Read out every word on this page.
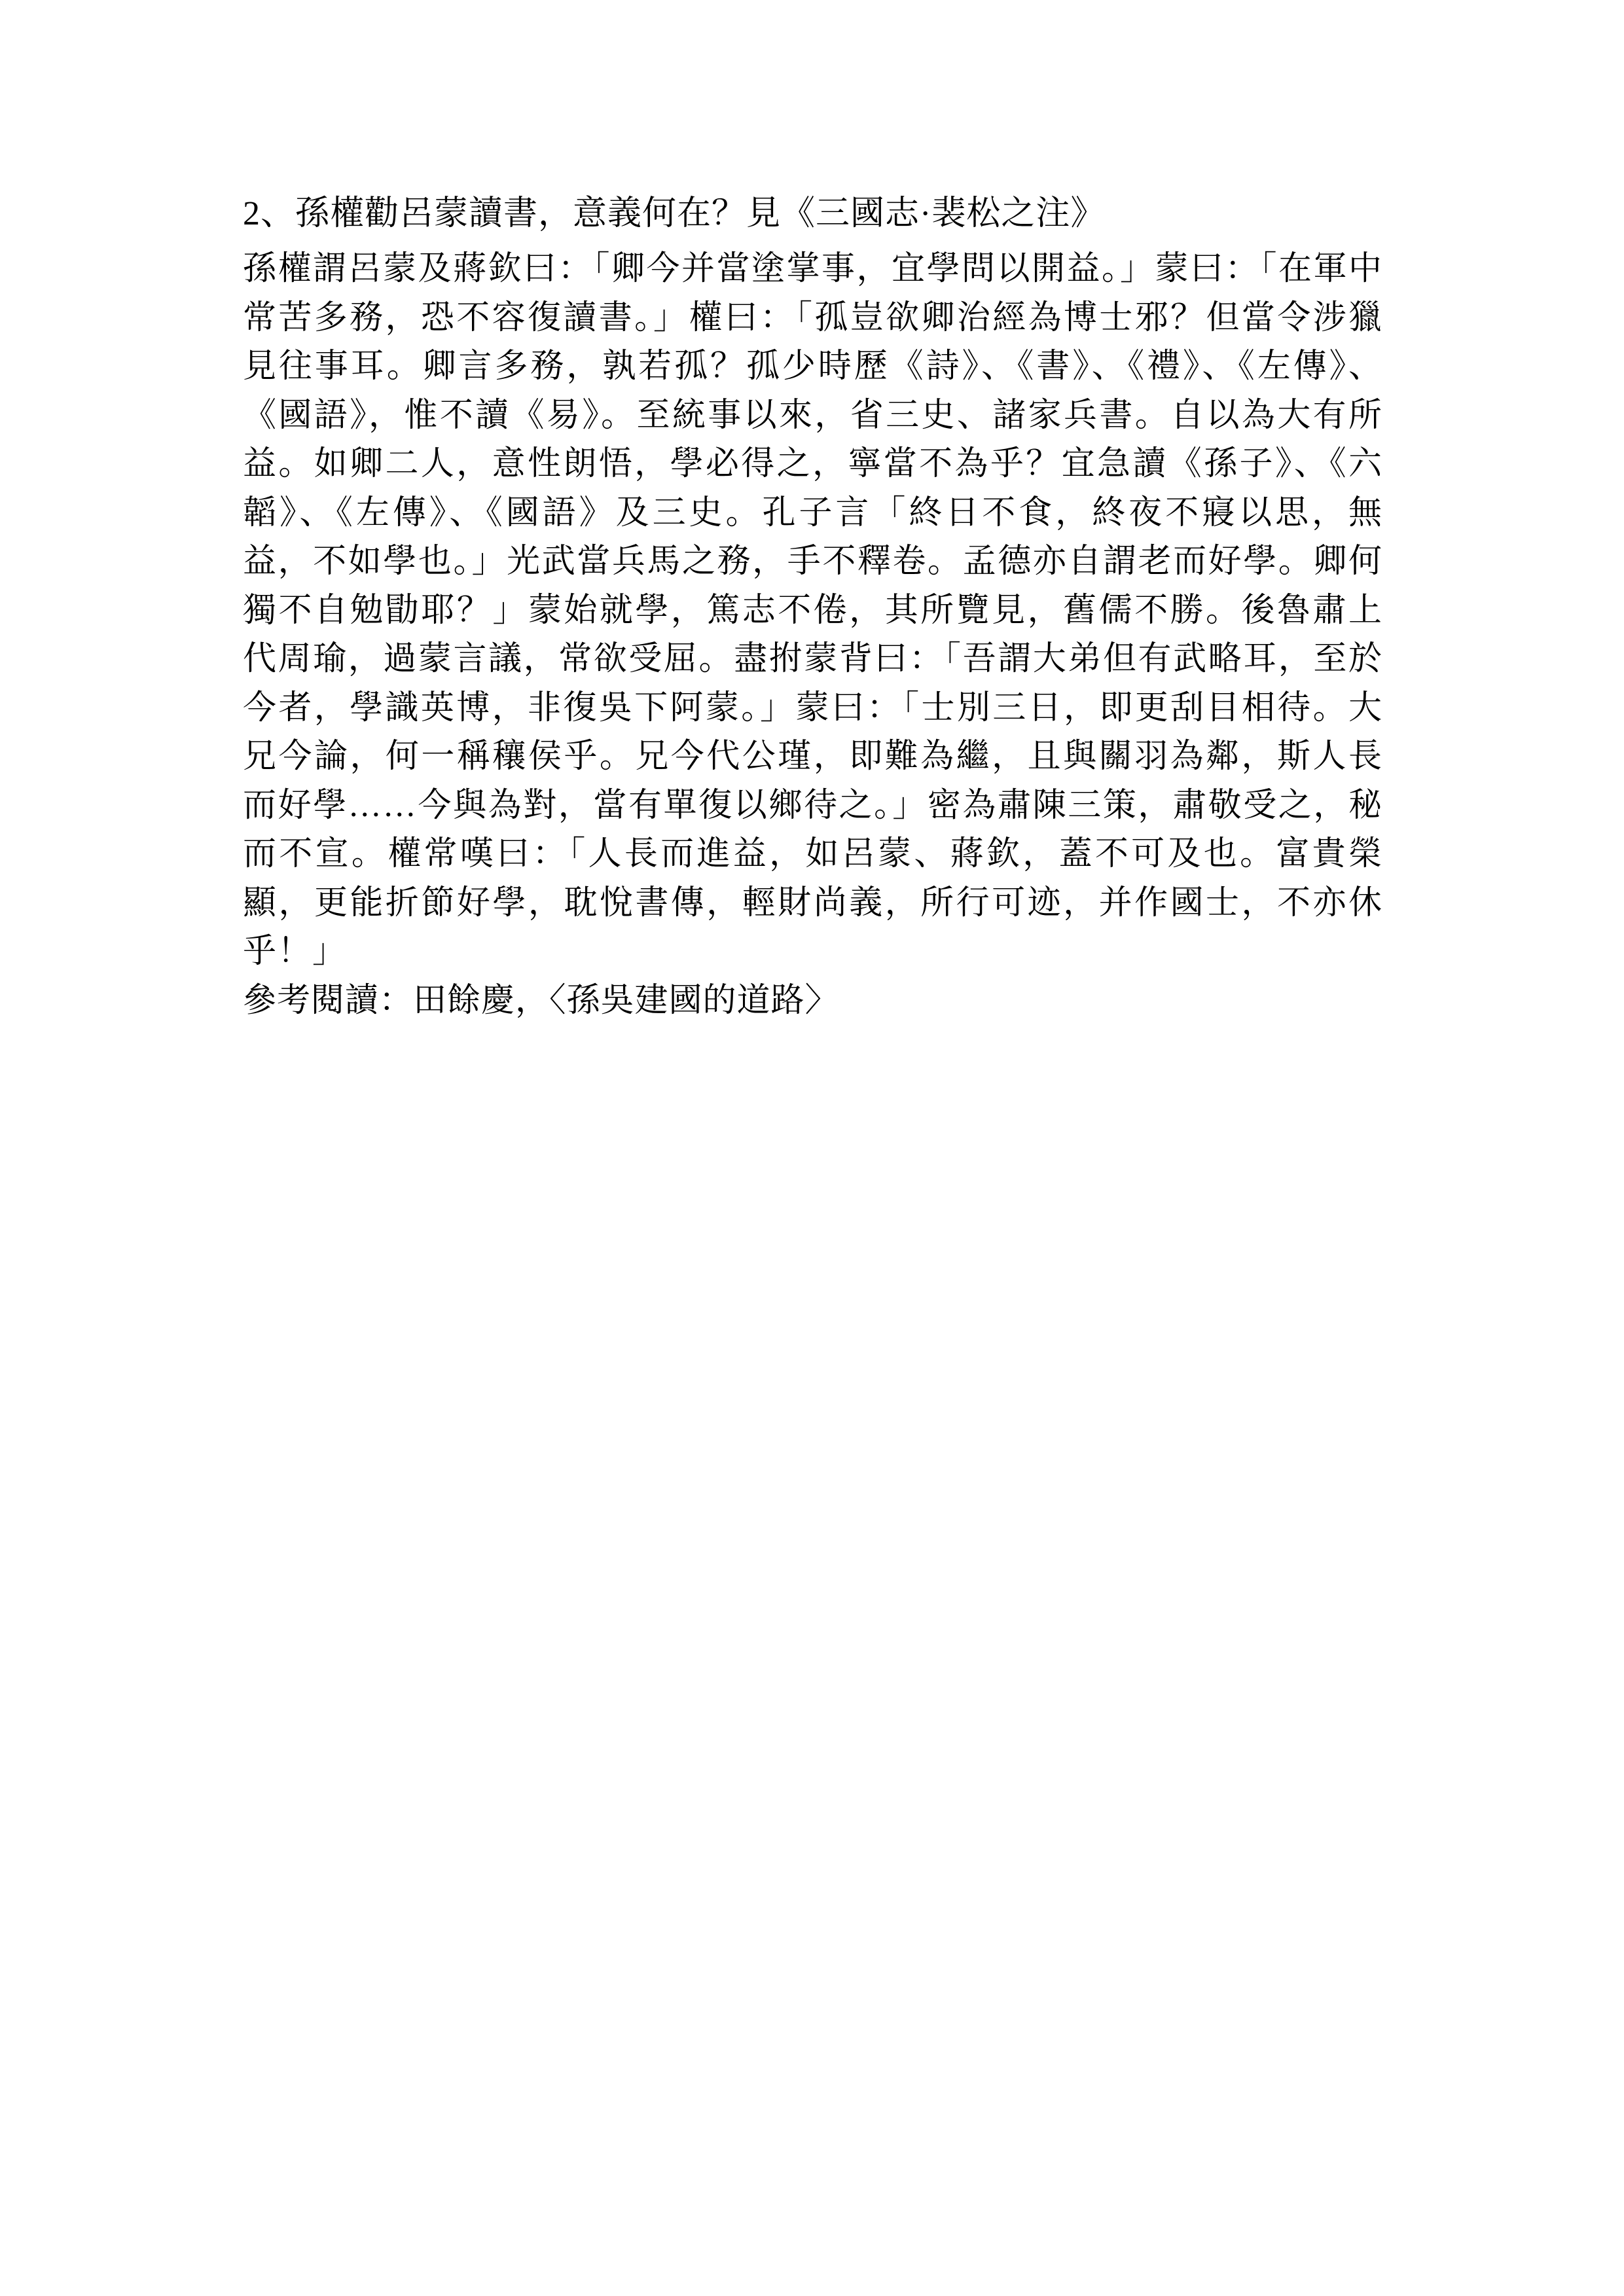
2、孫權勸呂蒙讀書，意義何在？見《三國志·裴松之注》

孫權謂呂蒙及蔣欽曰：「卿今并當塗掌事，宜學問以開益。」蒙曰：「在軍中常苦多務，恐不容復讀書。」權曰：「孤豈欲卿治經為博士邪？但當令涉獵見往事耳。卿言多務，孰若孤？孤少時歷《詩》、《書》、《禮》、《左傳》、《國語》，惟不讀《易》。至統事以來，省三史、諸家兵書。自以為大有所益。如卿二人，意性朗悟，學必得之，寧當不為乎？宜急讀《孫子》、《六韜》、《左傳》、《國語》及三史。孔子言「終日不食，終夜不寢以思，無益，不如學也。」光武當兵馬之務，手不釋卷。孟德亦自謂老而好學。卿何獨不自勉勖耶？」蒙始就學，篤志不倦，其所覽見，舊儒不勝。後魯肅上代周瑜，過蒙言議，常欲受屈。盡拊蒙背曰：「吾謂大弟但有武略耳，至於今者，學識英博，非復吳下阿蒙。」蒙曰：「士別三日，即更刮目相待。大兄今論，何一稱穰侯乎。兄今代公瑾，即難為繼，且與關羽為鄰，斯人長而好學……今與為對，當有單復以鄉待之。」密為肅陳三策，肅敬受之，秘而不宣。權常嘆曰：「人長而進益，如呂蒙、蔣欽，蓋不可及也。富貴榮顯，更能折節好學，耽悅書傳，輕財尚義，所行可迹，并作國士，不亦休乎！」

參考閱讀：田餘慶，〈孫吳建國的道路〉
